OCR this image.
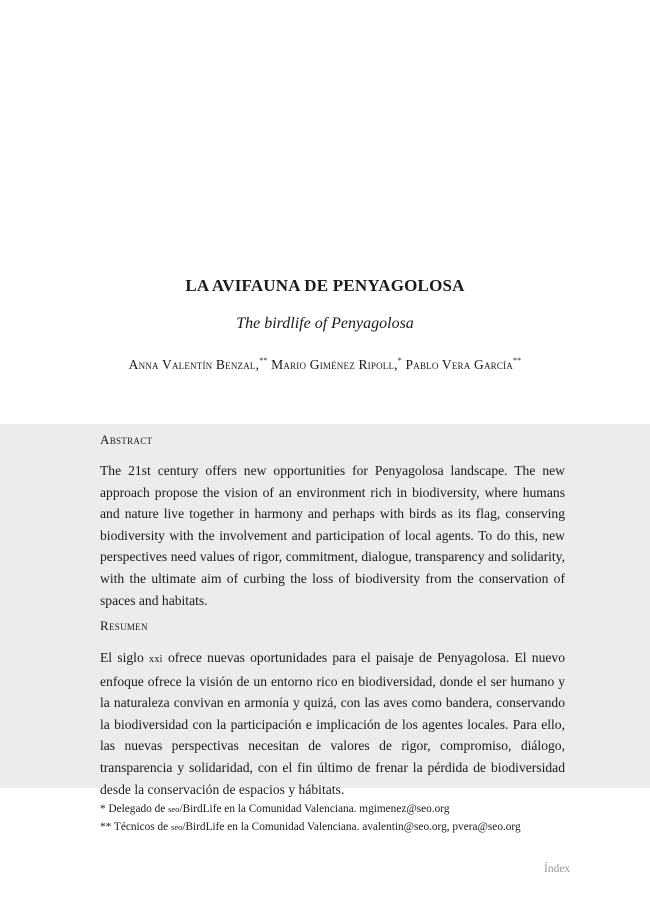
LA AVIFAUNA DE PENYAGOLOSA
The birdlife of Penyagolosa
Anna Valentín Benzal,** Mario Giménez Ripoll,* Pablo Vera García**
Abstract
The 21st century offers new opportunities for Penyagolosa landscape. The new approach propose the vision of an environment rich in biodiversity, where humans and nature live together in harmony and perhaps with birds as its flag, conserving biodiversity with the involvement and participation of local agents. To do this, new perspectives need values of rigor, commitment, dialogue, transparency and solidarity, with the ultimate aim of curbing the loss of biodiversity from the conservation of spaces and habitats.
Resumen
El siglo xxi ofrece nuevas oportunidades para el paisaje de Penyagolosa. El nuevo enfoque ofrece la visión de un entorno rico en biodiversidad, donde el ser humano y la naturaleza convivan en armonía y quizá, con las aves como bandera, conservando la biodiversidad con la participación e implicación de los agentes locales. Para ello, las nuevas perspectivas necesitan de valores de rigor, compromiso, diálogo, transparencia y solidaridad, con el fin último de frenar la pérdida de biodiversidad desde la conservación de espacios y hábitats.
* Delegado de seo/BirdLife en la Comunidad Valenciana. mgimenez@seo.org
** Técnicos de seo/BirdLife en la Comunidad Valenciana. avalentin@seo.org, pvera@seo.org
Índex
